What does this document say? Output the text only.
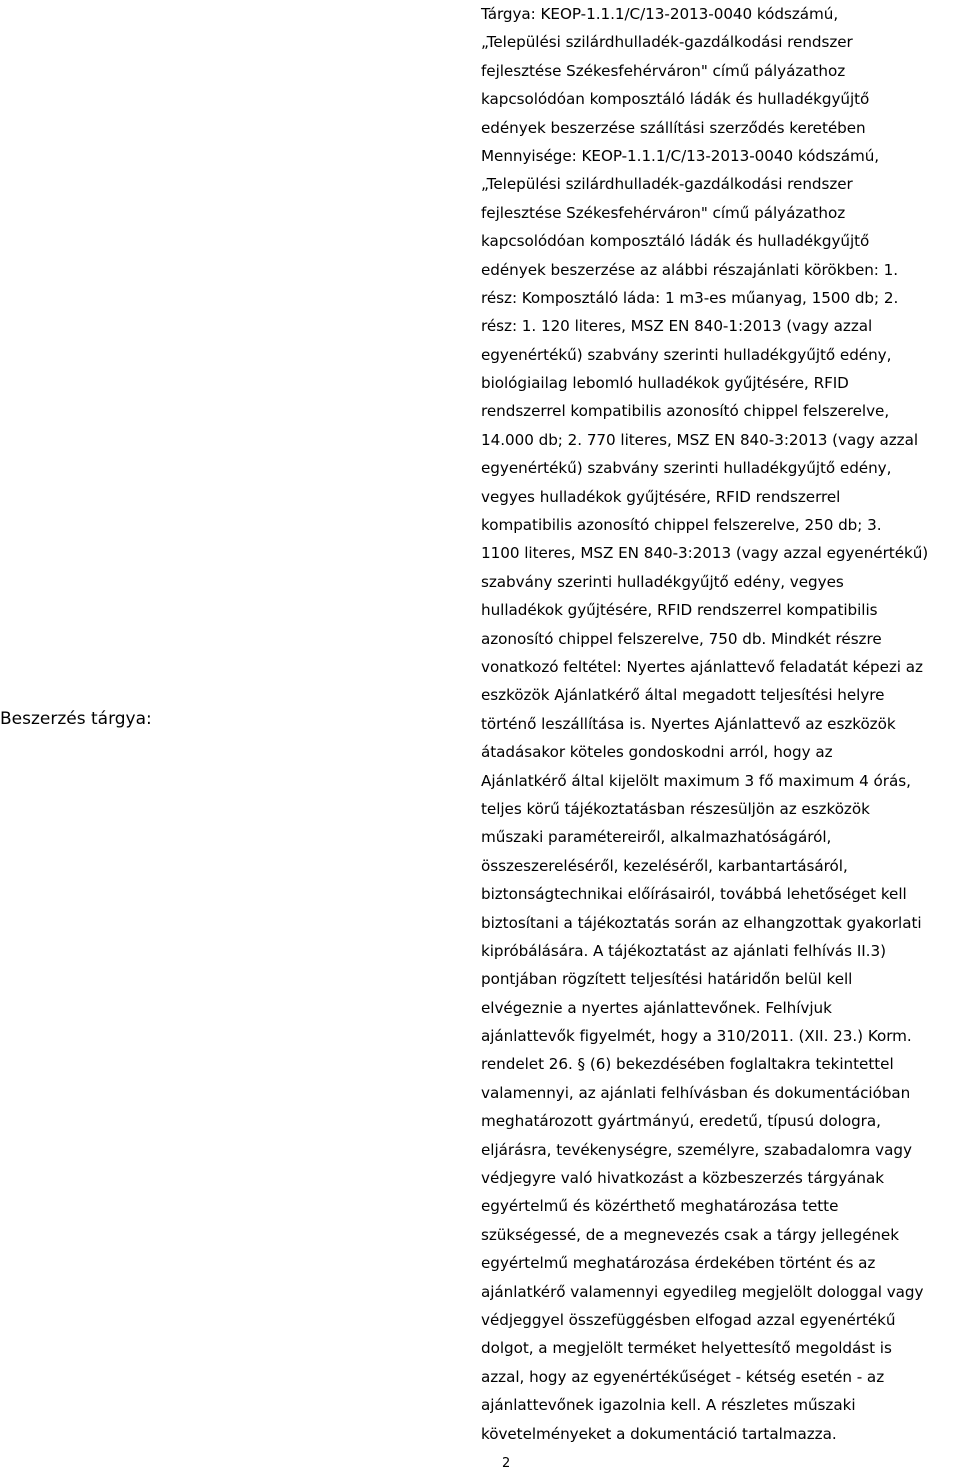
Beszerzés tárgya:
Tárgya: KEOP-1.1.1/C/13-2013-0040 kódszámú,
„Települési szilárdhulladék-gazdálkodási rendszer
fejlesztése Székesfehérváron" című pályázathoz
kapcsolódóan komposztáló ládák és hulladékgyűjtő
edények beszerzése szállítási szerződés keretében
Mennyisége: KEOP-1.1.1/C/13-2013-0040 kódszámú,
„Települési szilárdhulladék-gazdálkodási rendszer
fejlesztése Székesfehérváron" című pályázathoz
kapcsolódóan komposztáló ládák és hulladékgyűjtő
edények beszerzése az alábbi részajánlati körökben: 1.
rész: Komposztáló láda: 1 m3-es műanyag, 1500 db; 2.
rész: 1. 120 literes, MSZ EN 840-1:2013 (vagy azzal
egyenértékű) szabvány szerinti hulladékgyűjtő edény,
biológiailag lebomló hulladékok gyűjtésére, RFID
rendszerrel kompatibilis azonosító chippel felszerelve,
14.000 db; 2. 770 literes, MSZ EN 840-3:2013 (vagy azzal
egyenértékű) szabvány szerinti hulladékgyűjtő edény,
vegyes hulladékok gyűjtésére, RFID rendszerrel
kompatibilis azonosító chippel felszerelve, 250 db; 3.
1100 literes, MSZ EN 840-3:2013 (vagy azzal egyenértékű)
szabvány szerinti hulladékgyűjtő edény, vegyes
hulladékok gyűjtésére, RFID rendszerrel kompatibilis
azonosító chippel felszerelve, 750 db. Mindkét részre
vonatkozó feltétel: Nyertes ajánlattevő feladatát képezi az
eszközök Ajánlatkérő által megadott teljesítési helyre
történő leszállítása is. Nyertes Ajánlattevő az eszközök
átadásakor köteles gondoskodni arról, hogy az
Ajánlatkérő által kijelölt maximum 3 fő maximum 4 órás,
teljes körű tájékoztatásban részesüljön az eszközök
műszaki paramétereiről, alkalmazhatóságáról,
összeszereléséről, kezeléséről, karbantartásáról,
biztonságtechnikai előírásairól, továbbá lehetőséget kell
biztosítani a tájékoztatás során az elhangzottak gyakorlati
kipróbálására. A tájékoztatást az ajánlati felhívás II.3)
pontjában rögzített teljesítési határidőn belül kell
elvégeznie a nyertes ajánlattevőnek. Felhívjuk
ajánlattevők figyelmét, hogy a 310/2011. (XII. 23.) Korm.
rendelet 26. § (6) bekezdésében foglaltakra tekintettel
valamennyi, az ajánlati felhívásban és dokumentációban
meghatározott gyártmányú, eredetű, típusú dologra,
eljárásra, tevékenységre, személyre, szabadalomra vagy
védjegyre való hivatkozást a közbeszerzés tárgyának
egyértelmű és közérthető meghatározása tette
szükségessé, de a megnevezés csak a tárgy jellegének
egyértelmű meghatározása érdekében történt és az
ajánlatkérő valamennyi egyedileg megjelölt dologgal vagy
védjeggyel összefüggésben elfogad azzal egyenértékű
dolgot, a megjelölt terméket helyettesítő megoldást is
azzal, hogy az egyenértékűséget - kétség esetén - az
ajánlattevőnek igazolnia kell. A részletes műszaki
követelményeket a dokumentáció tartalmazza.
2
